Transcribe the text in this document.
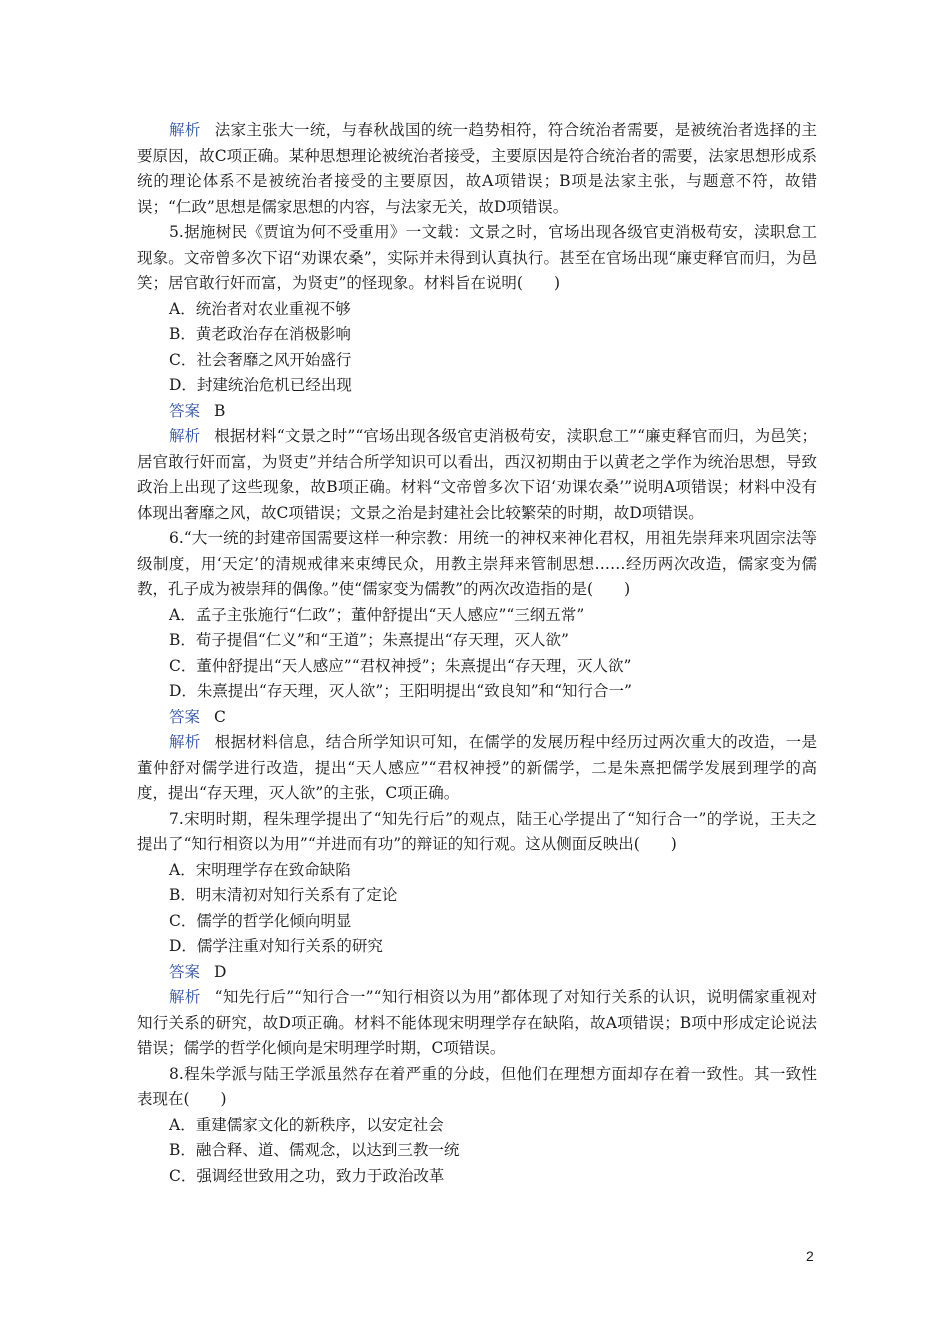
解析 法家主张大一统，与春秋战国的统一趋势相符，符合统治者需要，是被统治者选择的主要原因，故C项正确。某种思想理论被统治者接受，主要原因是符合统治者的需要，法家思想形成系统的理论体系不是被统治者接受的主要原因，故A项错误；B项是法家主张，与题意不符，故错误；“仁政”思想是儒家思想的内容，与法家无关，故D项错误。

5.据施树民《贾谊为何不受重用》一文载：文景之时，官场出现各级官吏消极苟安，渎职怠工现象。文帝曾多次下诏“劝课农桑”，实际并未得到认真执行。甚至在官场出现“廉吏释官而归，为邑笑；居官敢行奸而富，为贤吏”的怪现象。材料旨在说明(　　)

A．统治者对农业重视不够

B．黄老政治存在消极影响

C．社会奢靡之风开始盛行

D．封建统治危机已经出现

答案 B

解析 根据材料“文景之时”“官场出现各级官吏消极苟安，渎职怠工”“廉吏释官而归，为邑笑；居官敢行奸而富，为贤吏”并结合所学知识可以看出，西汉初期由于以黄老之学作为统治思想，导致政治上出现了这些现象，故B项正确。材料“文帝曾多次下诏‘劝课农桑’”说明A项错误；材料中没有体现出奢靡之风，故C项错误；文景之治是封建社会比较繁荣的时期，故D项错误。

6.“大一统的封建帝国需要这样一种宗教：用统一的神权来神化君权，用祖先崇拜来巩固宗法等级制度，用‘天定’的清规戒律来束缚民众，用教主崇拜来管制思想……经历两次改造，儒家变为儒教，孔子成为被崇拜的偶像。”使“儒家变为儒教”的两次改造指的是(　　)

A．孟子主张施行“仁政”；董仲舒提出“天人感应”“三纲五常”

B．荀子提倡“仁义”和“王道”；朱熹提出“存天理，灭人欲”

C．董仲舒提出“天人感应”“君权神授”；朱熹提出“存天理，灭人欲”

D．朱熹提出“存天理，灭人欲”；王阳明提出“致良知”和“知行合一”

答案 C

解析 根据材料信息，结合所学知识可知，在儒学的发展历程中经历过两次重大的改造，一是董仲舒对儒学进行改造，提出“天人感应”“君权神授”的新儒学，二是朱熹把儒学发展到理学的高度，提出“存天理，灭人欲”的主张，C项正确。

7.宋明时期，程朱理学提出了“知先行后”的观点，陆王心学提出了“知行合一”的学说，王夫之提出了“知行相资以为用”“并进而有功”的辩证的知行观。这从侧面反映出(　　)

A．宋明理学存在致命缺陷

B．明末清初对知行关系有了定论

C．儒学的哲学化倾向明显

D．儒学注重对知行关系的研究

答案 D

解析 “知先行后”“知行合一”“知行相资以为用”都体现了对知行关系的认识，说明儒家重视对知行关系的研究，故D项正确。材料不能体现宋明理学存在缺陷，故A项错误；B项中形成定论说法错误；儒学的哲学化倾向是宋明理学时期，C项错误。

8.程朱学派与陆王学派虽然存在着严重的分歧，但他们在理想方面却存在着一致性。其一致性表现在(　　)

A．重建儒家文化的新秩序，以安定社会

B．融合释、道、儒观念，以达到三教一统

C．强调经世致用之功，致力于政治改革

2
